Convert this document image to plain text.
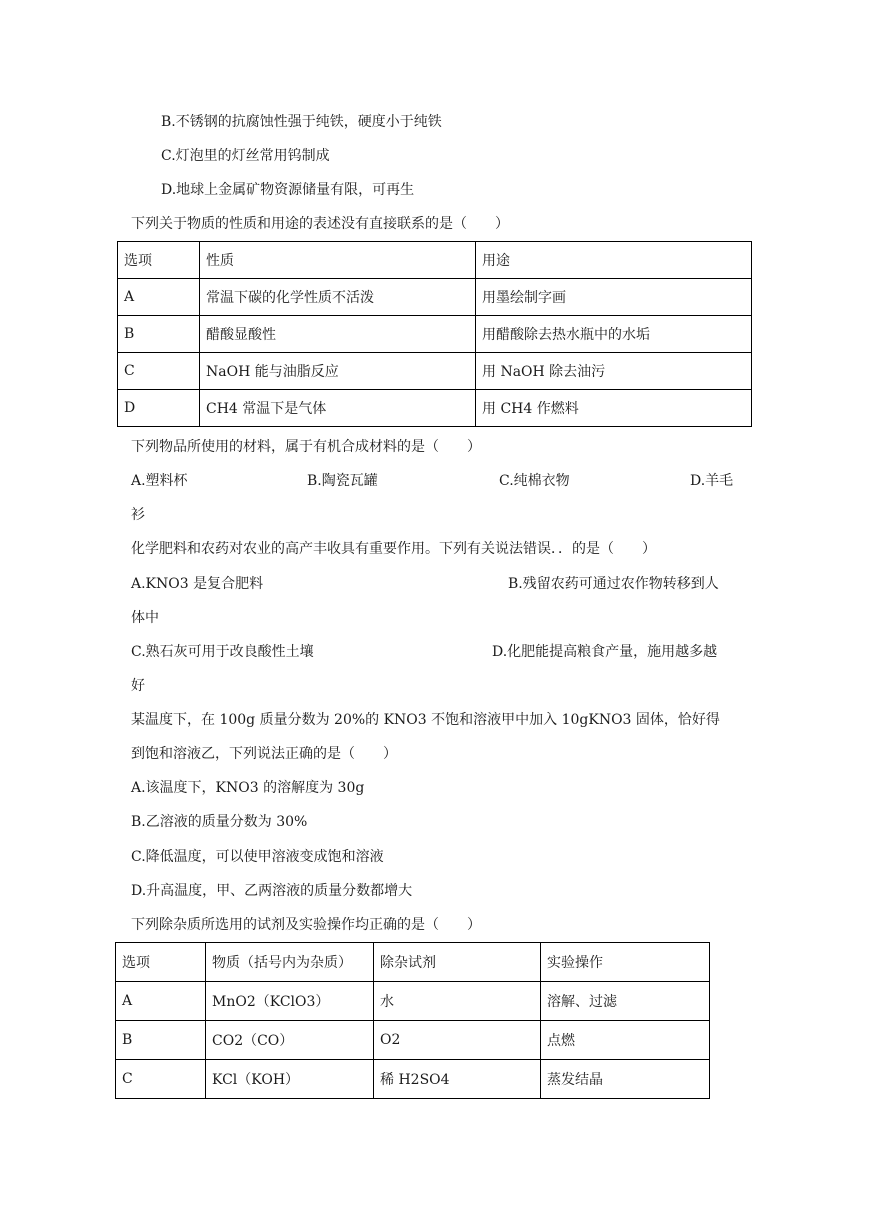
B.不锈钢的抗腐蚀性强于纯铁，硬度小于纯铁
C.灯泡里的灯丝常用钨制成
D.地球上金属矿物资源储量有限，可再生
下列关于物质的性质和用途的表述没有直接联系的是（　　）
选项	性质	用途
A	常温下碳的化学性质不活泼	用墨绘制字画
B	醋酸显酸性	用醋酸除去热水瓶中的水垢
C	NaOH 能与油脂反应	用 NaOH 除去油污
D	CH4 常温下是气体	用 CH4 作燃料
下列物品所使用的材料，属于有机合成材料的是（　　）
A.塑料杯	B.陶瓷瓦罐	C.纯棉衣物	D.羊毛
衫
化学肥料和农药对农业的高产丰收具有重要作用。下列有关说法错误．．的是（　　）
A.KNO3 是复合肥料	B.残留农药可通过农作物转移到人
体中
C.熟石灰可用于改良酸性土壤	D.化肥能提高粮食产量，施用越多越
好
某温度下，在 100g 质量分数为 20%的 KNO3 不饱和溶液甲中加入 10gKNO3 固体，恰好得
到饱和溶液乙，下列说法正确的是（　　）
A.该温度下，KNO3 的溶解度为 30g
B.乙溶液的质量分数为 30%
C.降低温度，可以使甲溶液变成饱和溶液
D.升高温度，甲、乙两溶液的质量分数都增大
下列除杂质所选用的试剂及实验操作均正确的是（　　）
选项	物质（括号内为杂质）	除杂试剂	实验操作
A	MnO2（KClO3）	水	溶解、过滤
B	CO2（CO）	O2	点燃
C	KCl（KOH）	稀 H2SO4	蒸发结晶
